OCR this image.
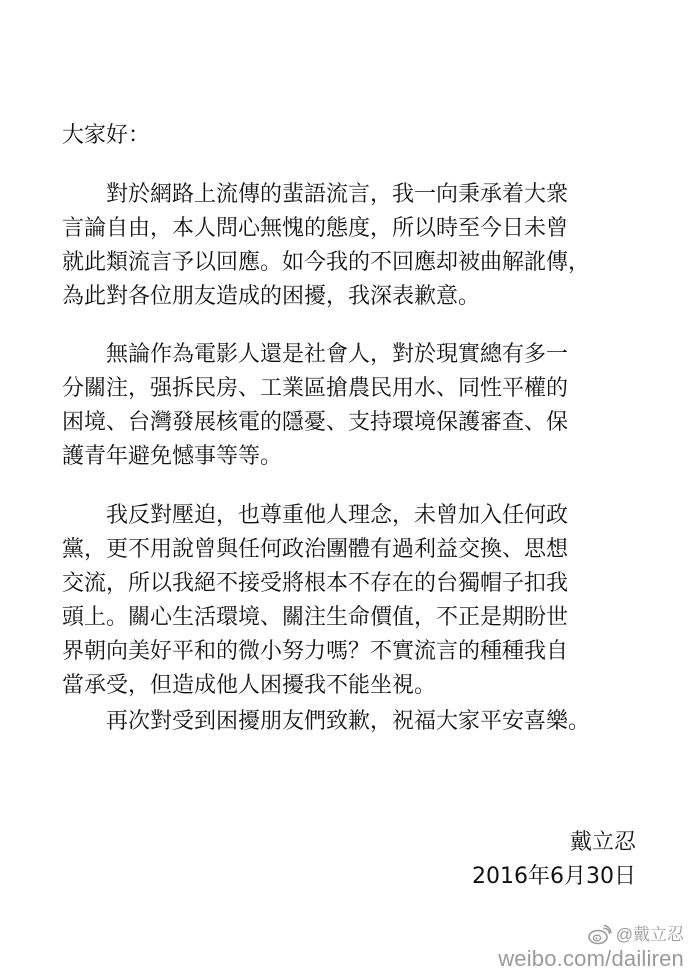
大家好：
　　對於網路上流傳的蜚語流言，我一向秉承着大衆
言論自由，本人問心無愧的態度，所以時至今日未曾
就此類流言予以回應。如今我的不回應却被曲解訛傳，
為此對各位朋友造成的困擾，我深表歉意。
　　無論作為電影人還是社會人，對於現實總有多一
分關注，强拆民房、工業區搶農民用水、同性平權的
困境、台灣發展核電的隱憂、支持環境保護審查、保
護青年避免憾事等等。
　　我反對壓迫，也尊重他人理念，未曾加入任何政
黨，更不用說曾與任何政治團體有過利益交換、思想
交流，所以我絕不接受將根本不存在的台獨帽子扣我
頭上。關心生活環境、關注生命價值，不正是期盼世
界朝向美好平和的微小努力嗎？不實流言的種種我自
當承受，但造成他人困擾我不能坐視。
　　再次對受到困擾朋友們致歉，祝福大家平安喜樂。
戴立忍
2016年6月30日
@戴立忍
weibo.com/dailiren
